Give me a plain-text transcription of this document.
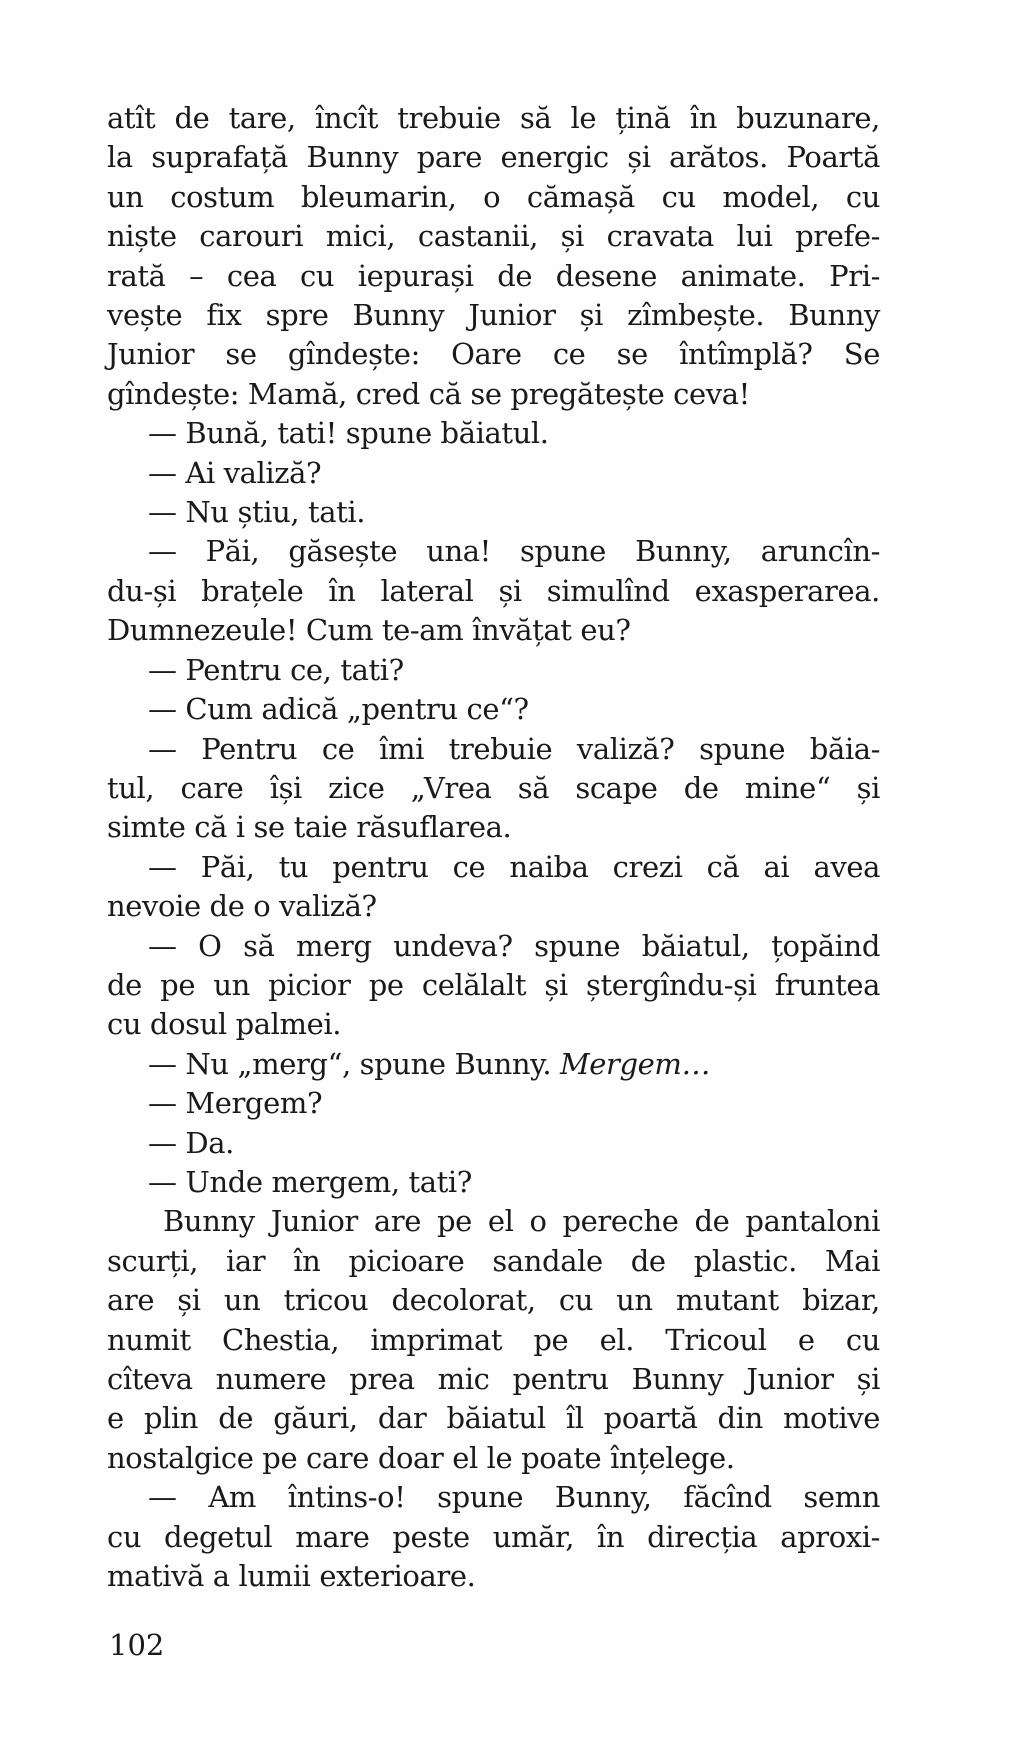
atît de tare, încît trebuie să le țină în buzunare,
la suprafață Bunny pare energic și arătos. Poartă
un costum bleumarin, o cămașă cu model, cu
niște carouri mici, castanii, și cravata lui prefe-
rată – cea cu iepurași de desene animate. Pri-
vește fix spre Bunny Junior și zîmbește. Bunny
Junior se gîndește: Oare ce se întîmplă? Se
gîndește: Mamă, cred că se pregătește ceva!
— Bună, tati! spune băiatul.
— Ai valiză?
— Nu știu, tati.
— Păi, găsește una! spune Bunny, aruncîn-
du-și brațele în lateral și simulînd exasperarea.
Dumnezeule! Cum te-am învățat eu?
— Pentru ce, tati?
— Cum adică „pentru ce“?
— Pentru ce îmi trebuie valiză? spune băia-
tul, care își zice „Vrea să scape de mine“ și
simte că i se taie răsuflarea.
— Păi, tu pentru ce naiba crezi că ai avea
nevoie de o valiză?
— O să merg undeva? spune băiatul, țopăind
de pe un picior pe celălalt și ștergîndu-și fruntea
cu dosul palmei.
— Nu „merg“, spune Bunny. Mergem…
— Mergem?
— Da.
— Unde mergem, tati?
Bunny Junior are pe el o pereche de pantaloni
scurți, iar în picioare sandale de plastic. Mai
are și un tricou decolorat, cu un mutant bizar,
numit Chestia, imprimat pe el. Tricoul e cu
cîteva numere prea mic pentru Bunny Junior și
e plin de găuri, dar băiatul îl poartă din motive
nostalgice pe care doar el le poate înțelege.
— Am întins-o! spune Bunny, făcînd semn
cu degetul mare peste umăr, în direcția aproxi-
mativă a lumii exterioare.
102
